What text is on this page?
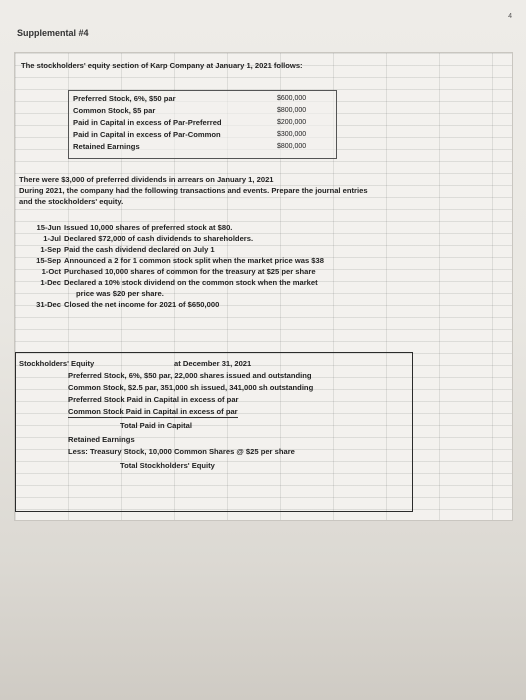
4
Supplemental #4
The stockholders' equity section of Karp Company at January 1, 2021 follows:
Preferred Stock, 6%, $50 par	$600,000
Common Stock, $5 par	$800,000
Paid in Capital in excess of Par-Preferred	$200,000
Paid in Capital in excess of Par-Common	$300,000
Retained Earnings	$800,000
There were $3,000 of preferred dividends in arrears on January 1, 2021
During 2021, the company had the following transactions and events. Prepare the journal entries
and the stockholders' equity.
15-Jun Issued 10,000 shares of preferred stock at $80.
1-Jul Declared $72,000 of cash dividends to shareholders.
1-Sep Paid the cash dividend declared on July 1
15-Sep Announced a 2 for 1 common stock split when the market price was $38
1-Oct Purchased 10,000 shares of common for the treasury at $25 per share
1-Dec Declared a 10% stock dividend on the common stock when the market
price was $20 per share.
31-Dec Closed the net income for 2021 of $650,000
Stockholders' Equity	at December 31, 2021
Preferred Stock, 6%, $50 par, 22,000 shares issued and outstanding
Common Stock, $2.5 par, 351,000 sh issued, 341,000 sh outstanding
Preferred Stock Paid in Capital in excess of par
Common Stock Paid in Capital in excess of par
Total Paid in Capital
Retained Earnings
Less: Treasury Stock, 10,000 Common Shares @ $25 per share
Total Stockholders' Equity
